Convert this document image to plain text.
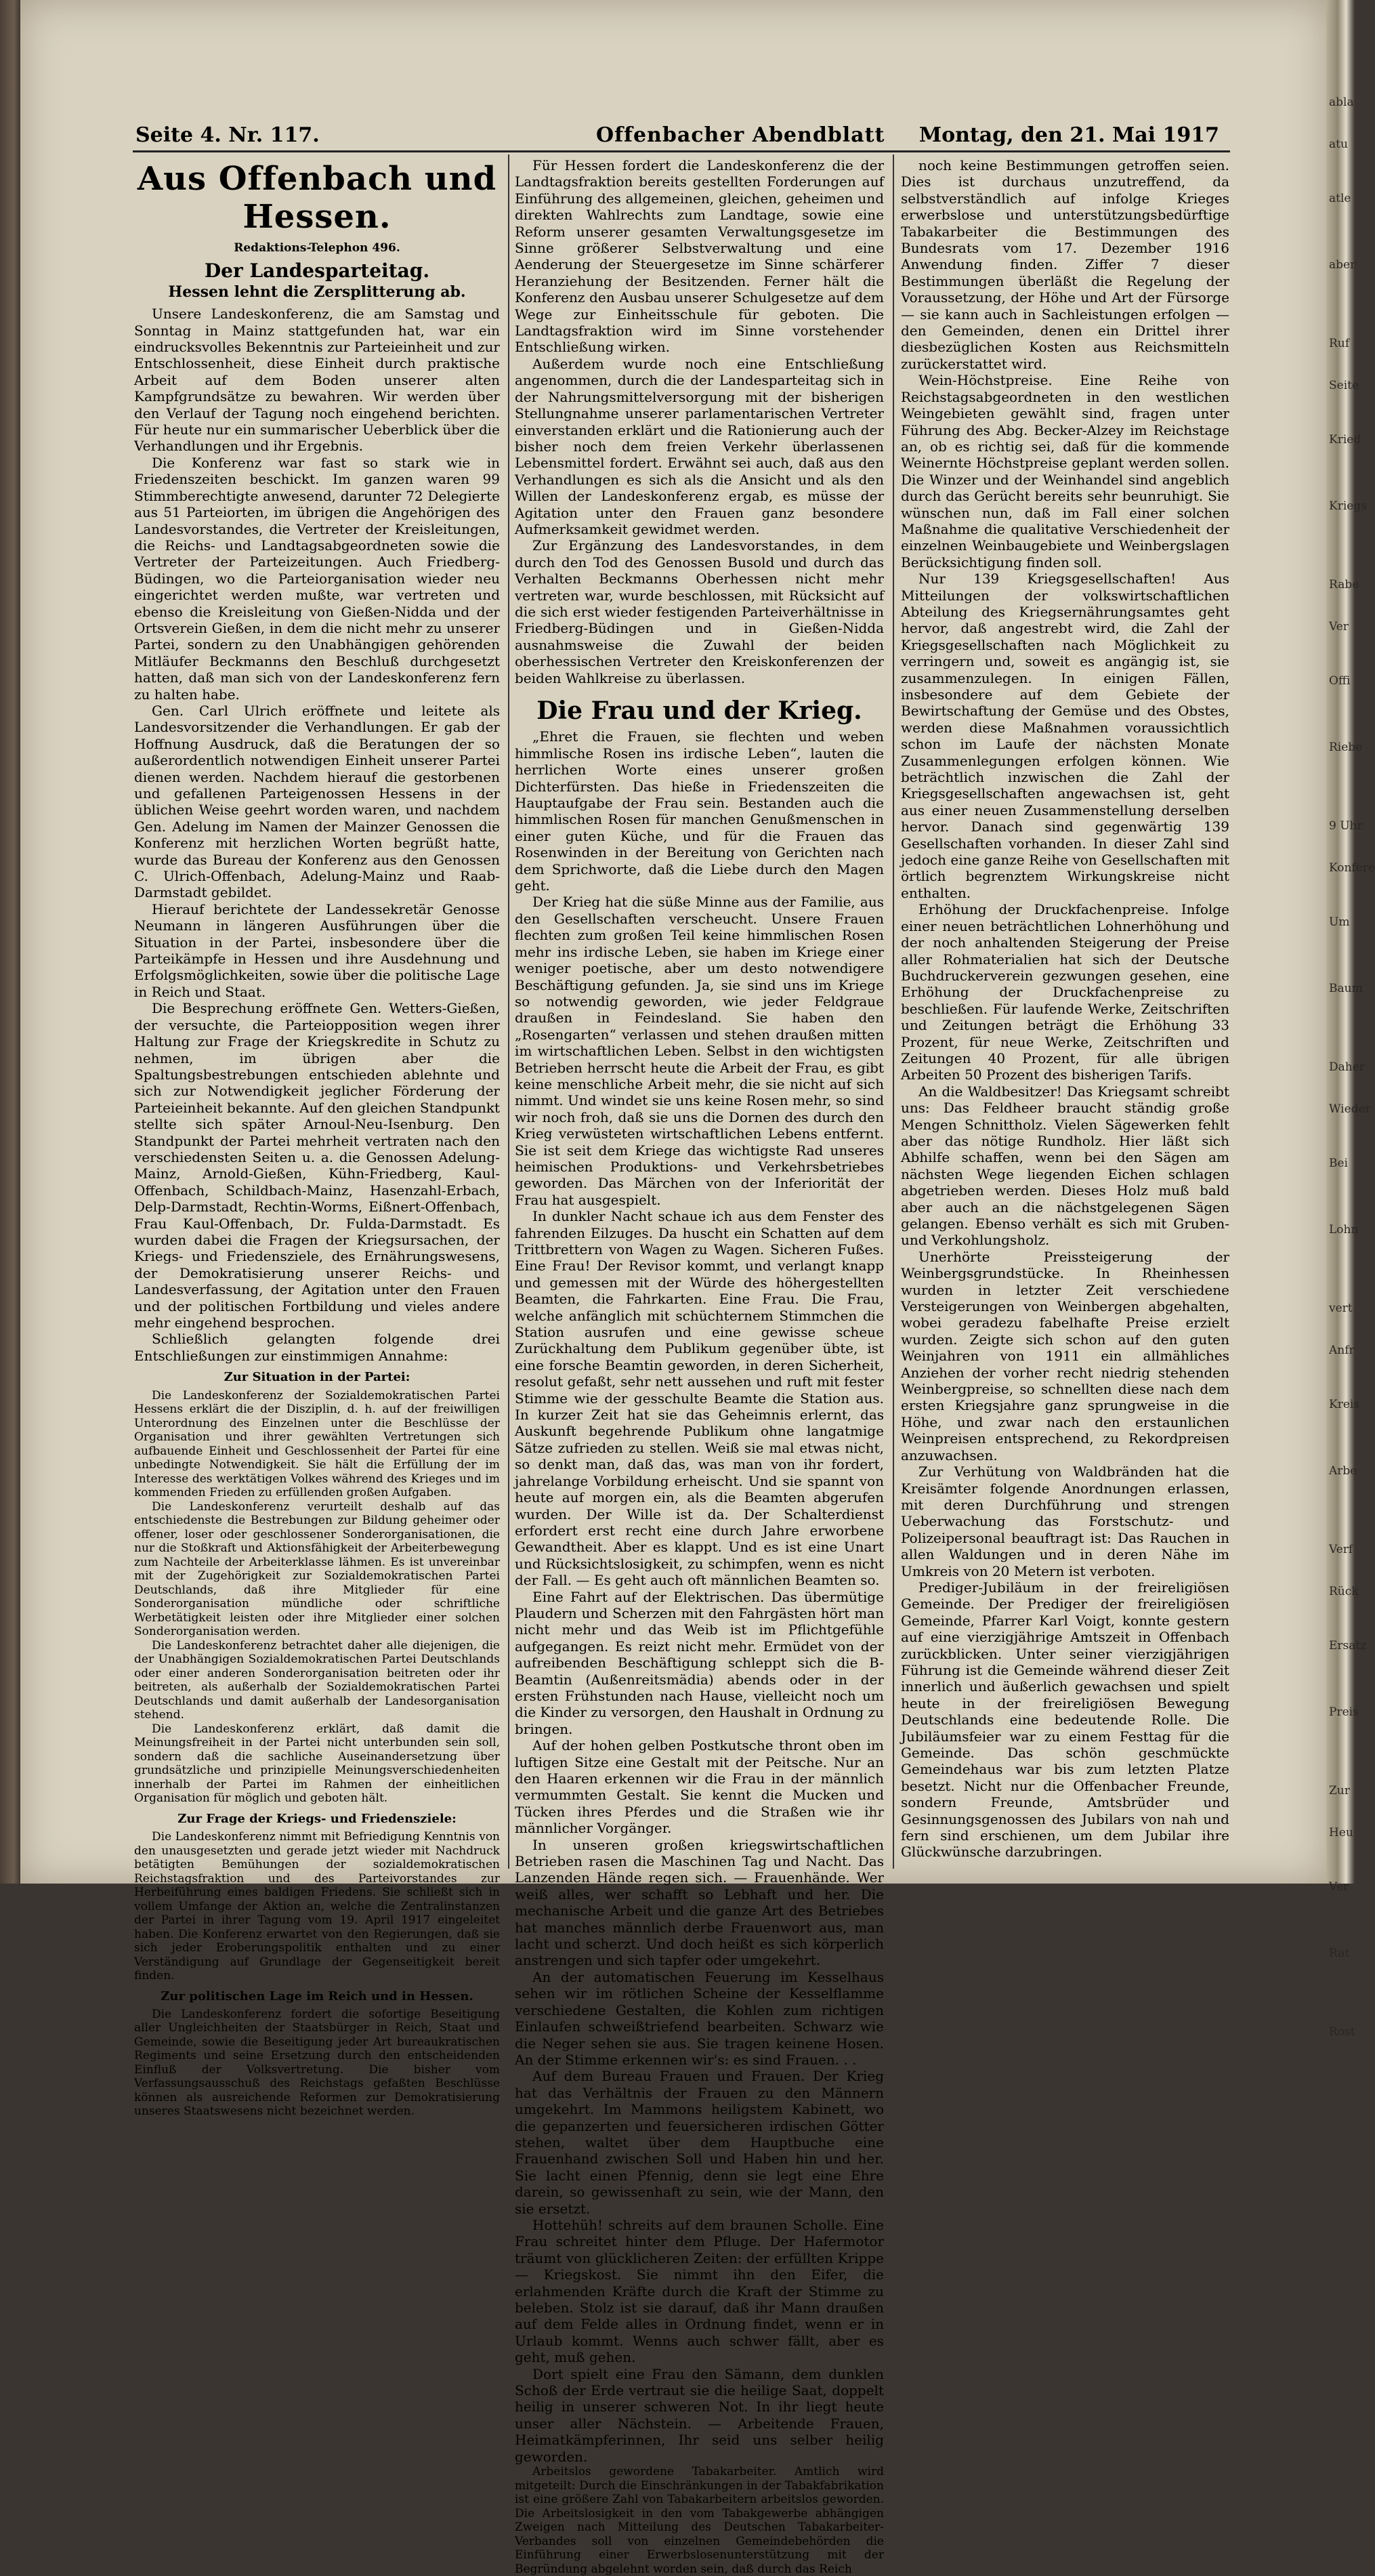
abla
atu
atle
aber
Ruf
Seite
Kried
Kriegs
Rabe
Ver
Offi
Riebe
9 Uhr
Konfere
Um
Baum
Daher
Wieder
Bei
Lohn
vert
Anfr
Kreis
Arbe
Verf
Rück
Ersatz
Preis
Zur
Heu
Ver
Rat
Rost
Seite 4. Nr. 117.	Offenbacher Abendblatt Montag, den 21. Mai 1917
Aus Offenbach und Hessen.
Redaktions-Telephon 496.
Der Landesparteitag.
Hessen lehnt die Zersplitterung ab.

Unsere Landeskonferenz, die am Samstag und Sonntag in Mainz stattgefunden hat, war ein eindrucksvolles Bekenntnis zur Parteieinheit und zur Entschlossenheit, diese Einheit durch praktische Arbeit auf dem Boden unserer alten Kampfgrundsätze zu bewahren. Wir werden über den Verlauf der Tagung noch eingehend berichten. Für heute nur ein summarischer Ueberblick über die Verhandlungen und ihr Ergebnis.

Die Konferenz war fast so stark wie in Friedenszeiten beschickt. Im ganzen waren 99 Stimmberechtigte anwesend, darunter 72 Delegierte aus 51 Parteiorten, im übrigen die Angehörigen des Landesvorstandes, die Vertreter der Kreisleitungen, die Reichs- und Landtagsabgeordneten sowie die Vertreter der Parteizeitungen. Auch Friedberg-Büdingen, wo die Parteiorganisation wieder neu eingerichtet werden mußte, war vertreten und ebenso die Kreisleitung von Gießen-Nidda und der Ortsverein Gießen, in dem die nicht mehr zu unserer Partei, sondern zu den Unabhängigen gehörenden Mitläufer Beckmanns den Beschluß durchgesetzt hatten, daß man sich von der Landeskonferenz fern zu halten habe.

Gen. Carl Ulrich eröffnete und leitete als Landesvorsitzender die Verhandlungen. Er gab der Hoffnung Ausdruck, daß die Beratungen der so außerordentlich notwendigen Einheit unserer Partei dienen werden. Nachdem hierauf die gestorbenen und gefallenen Parteigenossen Hessens in der üblichen Weise geehrt worden waren, und nachdem Gen. Adelung im Namen der Mainzer Genossen die Konferenz mit herzlichen Worten begrüßt hatte, wurde das Bureau der Konferenz aus den Genossen C. Ulrich-Offenbach, Adelung-Mainz und Raab-Darmstadt gebildet.

Hierauf berichtete der Landessekretär Genosse Neumann in längeren Ausführungen über die Situation in der Partei, insbesondere über die Parteikämpfe in Hessen und ihre Ausdehnung und Erfolgsmöglichkeiten, sowie über die politische Lage in Reich und Staat.

Die Besprechung eröffnete Gen. Wetters-Gießen, der versuchte, die Parteiopposition wegen ihrer Haltung zur Frage der Kriegskredite in Schutz zu nehmen, im übrigen aber die Spaltungsbestrebungen entschieden ablehnte und sich zur Notwendigkeit jeglicher Förderung der Parteieinheit bekannte. Auf den gleichen Standpunkt stellte sich später Arnoul-Neu-Isenburg. Den Standpunkt der Partei mehrheit vertraten nach den verschiedensten Seiten u. a. die Genossen Adelung-Mainz, Arnold-Gießen, Kühn-Friedberg, Kaul-Offenbach, Schildbach-Mainz, Hasenzahl-Erbach, Delp-Darmstadt, Rechtin-Worms, Eißnert-Offenbach, Frau Kaul-Offenbach, Dr. Fulda-Darmstadt. Es wurden dabei die Fragen der Kriegsursachen, der Kriegs- und Friedensziele, des Ernährungswesens, der Demokratisierung unserer Reichs- und Landesverfassung, der Agitation unter den Frauen und der politischen Fortbildung und vieles andere mehr eingehend besprochen.

Schließlich gelangten folgende drei Entschließungen zur einstimmigen Annahme:

Zur Situation in der Partei:

Die Landeskonferenz der Sozialdemokratischen Partei Hessens erklärt die der Disziplin, d. h. auf der freiwilligen Unterordnung des Einzelnen unter die Beschlüsse der Organisation und ihrer gewählten Vertretungen sich aufbauende Einheit und Geschlossenheit der Partei für eine unbedingte Notwendigkeit. Sie hält die Erfüllung der im Interesse des werktätigen Volkes während des Krieges und im kommenden Frieden zu erfüllenden großen Aufgaben.

Die Landeskonferenz verurteilt deshalb auf das entschiedenste die Bestrebungen zur Bildung geheimer oder offener, loser oder geschlossener Sonderorganisationen, die nur die Stoßkraft und Aktionsfähigkeit der Arbeiterbewegung zum Nachteile der Arbeiterklasse lähmen. Es ist unvereinbar mit der Zugehörigkeit zur Sozialdemokratischen Partei Deutschlands, daß ihre Mitglieder für eine Sonderorganisation mündliche oder schriftliche Werbetätigkeit leisten oder ihre Mitglieder einer solchen Sonderorganisation werden.

Die Landeskonferenz betrachtet daher alle diejenigen, die der Unabhängigen Sozialdemokratischen Partei Deutschlands oder einer anderen Sonderorganisation beitreten oder ihr beitreten, als außerhalb der Sozialdemokratischen Partei Deutschlands und damit außerhalb der Landesorganisation stehend.

Die Landeskonferenz erklärt, daß damit die Meinungsfreiheit in der Partei nicht unterbunden sein soll, sondern daß die sachliche Auseinandersetzung über grundsätzliche und prinzipielle Meinungsverschiedenheiten innerhalb der Partei im Rahmen der einheitlichen Organisation für möglich und geboten hält.

Zur Frage der Kriegs- und Friedensziele:

Die Landeskonferenz nimmt mit Befriedigung Kenntnis von den unausgesetzten und gerade jetzt wieder mit Nachdruck betätigten Bemühungen der sozialdemokratischen Reichstagsfraktion und des Parteivorstandes zur Herbeiführung eines baldigen Friedens. Sie schließt sich in vollem Umfange der Aktion an, welche die Zentralinstanzen der Partei in ihrer Tagung vom 19. April 1917 eingeleitet haben. Die Konferenz erwartet von den Regierungen, daß sie sich jeder Eroberungspolitik enthalten und zu einer Verständigung auf Grundlage der Gegenseitigkeit bereit finden.

Zur politischen Lage im Reich und in Hessen.

Die Landeskonferenz fordert die sofortige Beseitigung aller Ungleichheiten der Staatsbürger in Reich, Staat und Gemeinde, sowie die Beseitigung jeder Art bureaukratischen Regiments und seine Ersetzung durch den entscheidenden Einfluß der Volksvertretung. Die bisher vom Verfassungsausschuß des Reichstags gefaßten Beschlüsse können als ausreichende Reformen zur Demokratisierung unseres Staatswesens nicht bezeichnet werden.

Für Hessen fordert die Landeskonferenz die der Landtagsfraktion bereits gestellten Forderungen auf Einführung des allgemeinen, gleichen, geheimen und direkten Wahlrechts zum Landtage, sowie eine Reform unserer gesamten Verwaltungsgesetze im Sinne größerer Selbstverwaltung und eine Aenderung der Steuergesetze im Sinne schärferer Heranziehung der Besitzenden. Ferner hält die Konferenz den Ausbau unserer Schulgesetze auf dem Wege zur Einheitsschule für geboten. Die Landtagsfraktion wird im Sinne vorstehender Entschließung wirken.

Außerdem wurde noch eine Entschließung angenommen, durch die der Landesparteitag sich in der Nahrungsmittelversorgung mit der bisherigen Stellungnahme unserer parlamentarischen Vertreter einverstanden erklärt und die Rationierung auch der bisher noch dem freien Verkehr überlassenen Lebensmittel fordert. Erwähnt sei auch, daß aus den Verhandlungen es sich als die Ansicht und als den Willen der Landeskonferenz ergab, es müsse der Agitation unter den Frauen ganz besondere Aufmerksamkeit gewidmet werden.

Zur Ergänzung des Landesvorstandes, in dem durch den Tod des Genossen Busold und durch das Verhalten Beckmanns Oberhessen nicht mehr vertreten war, wurde beschlossen, mit Rücksicht auf die sich erst wieder festigenden Parteiverhältnisse in Friedberg-Büdingen und in Gießen-Nidda ausnahmsweise die Zuwahl der beiden oberhessischen Vertreter den Kreiskonferenzen der beiden Wahlkreise zu überlassen.

Die Frau und der Krieg.

„Ehret die Frauen, sie flechten und weben himmlische Rosen ins irdische Leben“, lauten die herrlichen Worte eines unserer großen Dichterfürsten. Das hieße in Friedenszeiten die Hauptaufgabe der Frau sein. Bestanden auch die himmlischen Rosen für manchen Genußmenschen in einer guten Küche, und für die Frauen das Rosenwinden in der Bereitung von Gerichten nach dem Sprichworte, daß die Liebe durch den Magen geht.

Der Krieg hat die süße Minne aus der Familie, aus den Gesellschaften verscheucht. Unsere Frauen flechten zum großen Teil keine himmlischen Rosen mehr ins irdische Leben, sie haben im Kriege einer weniger poetische, aber um desto notwendigere Beschäftigung gefunden. Ja, sie sind uns im Kriege so notwendig geworden, wie jeder Feldgraue draußen in Feindesland. Sie haben den „Rosengarten“ verlassen und stehen draußen mitten im wirtschaftlichen Leben. Selbst in den wichtigsten Betrieben herrscht heute die Arbeit der Frau, es gibt keine menschliche Arbeit mehr, die sie nicht auf sich nimmt. Und windet sie uns keine Rosen mehr, so sind wir noch froh, daß sie uns die Dornen des durch den Krieg verwüsteten wirtschaftlichen Lebens entfernt. Sie ist seit dem Kriege das wichtigste Rad unseres heimischen Produktions- und Verkehrsbetriebes geworden. Das Märchen von der Inferiorität der Frau hat ausgespielt.

In dunkler Nacht schaue ich aus dem Fenster des fahrenden Eilzuges. Da huscht ein Schatten auf dem Trittbrettern von Wagen zu Wagen. Sicheren Fußes. Eine Frau! Der Revisor kommt, und verlangt knapp und gemessen mit der Würde des höhergestellten Beamten, die Fahrkarten. Eine Frau. Die Frau, welche anfänglich mit schüchternem Stimmchen die Station ausrufen und eine gewisse scheue Zurückhaltung dem Publikum gegenüber übte, ist eine forsche Beamtin geworden, in deren Sicherheit, resolut gefaßt, sehr nett aussehen und ruft mit fester Stimme wie der gesschulte Beamte die Station aus. In kurzer Zeit hat sie das Geheimnis erlernt, das Auskunft begehrende Publikum ohne langatmige Sätze zufrieden zu stellen. Weiß sie mal etwas nicht, so denkt man, daß das, was man von ihr fordert, jahrelange Vorbildung erheischt. Und sie spannt von heute auf morgen ein, als die Beamten abgerufen wurden. Der Wille ist da. Der Schalterdienst erfordert erst recht eine durch Jahre erworbene Gewandtheit. Aber es klappt. Und es ist eine Unart und Rücksichtslosigkeit, zu schimpfen, wenn es nicht der Fall. — Es geht auch oft männlichen Beamten so.

Eine Fahrt auf der Elektrischen. Das übermütige Plaudern und Scherzen mit den Fahrgästen hört man nicht mehr und das Weib ist im Pflichtgefühle aufgegangen. Es reizt nicht mehr. Ermüdet von der aufreibenden Beschäftigung schleppt sich die B-Beamtin (Außenreitsmädia) abends oder in der ersten Frühstunden nach Hause, vielleicht noch um die Kinder zu versorgen, den Haushalt in Ordnung zu bringen.

Auf der hohen gelben Postkutsche thront oben im luftigen Sitze eine Gestalt mit der Peitsche. Nur an den Haaren erkennen wir die Frau in der männlich vermummten Gestalt. Sie kennt die Mucken und Tücken ihres Pferdes und die Straßen wie ihr männlicher Vorgänger.

In unseren großen kriegswirtschaftlichen Betrieben rasen die Maschinen Tag und Nacht. Das Lanzenden Hände regen sich. — Frauenhände. Wer weiß alles, wer schafft so Lebhaft und her. Die mechanische Arbeit und die ganze Art des Betriebes hat manches männlich derbe Frauenwort aus, man lacht und scherzt. Und doch heißt es sich körperlich anstrengen und sich tapfer oder umgekehrt.

An der automatischen Feuerung im Kesselhaus sehen wir im rötlichen Scheine der Kesselflamme verschiedene Gestalten, die Kohlen zum richtigen Einlaufen schweißtriefend bearbeiten. Schwarz wie die Neger sehen sie aus. Sie tragen keinene Hosen. An der Stimme erkennen wir's: es sind Frauen. . .

Auf dem Bureau Frauen und Frauen. Der Krieg hat das Verhältnis der Frauen zu den Männern umgekehrt. Im Mammons heiligstem Kabinett, wo die gepanzerten und feuersicheren irdischen Götter stehen, waltet über dem Hauptbuche eine Frauenhand zwischen Soll und Haben hin und her. Sie lacht einen Pfennig, denn sie legt eine Ehre darein, so gewissenhaft zu sein, wie der Mann, den sie ersetzt.

Hottehüh! schreits auf dem braunen Scholle. Eine Frau schreitet hinter dem Pfluge. Der Hafermotor träumt von glücklicheren Zeiten: der erfüllten Krippe — Kriegskost. Sie nimmt ihn den Eifer, die erlahmenden Kräfte durch die Kraft der Stimme zu beleben. Stolz ist sie darauf, daß ihr Mann draußen auf dem Felde alles in Ordnung findet, wenn er in Urlaub kommt. Wenns auch schwer fällt, aber es geht, muß gehen.

Dort spielt eine Frau den Sämann, dem dunklen Schoß der Erde vertraut sie die heilige Saat, doppelt heilig in unserer schweren Not. In ihr liegt heute unser aller Nächstein. — Arbeitende Frauen, Heimatkämpferinnen, Ihr seid uns selber heilig geworden.

Arbeitslos gewordene Tabakarbeiter. Amtlich wird mitgeteilt: Durch die Einschränkungen in der Tabakfabrikation ist eine größere Zahl von Tabakarbeitern arbeitslos geworden. Die Arbeitslosigkeit in den vom Tabakgewerbe abhängigen Zweigen nach Mitteilung des Deutschen Tabakarbeiter-Verbandes soll von einzelnen Gemeindebehörden die Einführung einer Erwerbslosenunterstützung mit der Begründung abgelehnt worden sein, daß durch das Reich

noch keine Bestimmungen getroffen seien. Dies ist durchaus unzutreffend, da selbstverständlich auf infolge Krieges erwerbslose und unterstützungsbedürftige Tabakarbeiter die Bestimmungen des Bundesrats vom 17. Dezember 1916 Anwendung finden. Ziffer 7 dieser Bestimmungen überläßt die Regelung der Voraussetzung, der Höhe und Art der Fürsorge — sie kann auch in Sachleistungen erfolgen — den Gemeinden, denen ein Drittel ihrer diesbezüglichen Kosten aus Reichsmitteln zurückerstattet wird.

Wein-Höchstpreise. Eine Reihe von Reichstagsabgeordneten in den westlichen Weingebieten gewählt sind, fragen unter Führung des Abg. Becker-Alzey im Reichstage an, ob es richtig sei, daß für die kommende Weinernte Höchstpreise geplant werden sollen. Die Winzer und der Weinhandel sind angeblich durch das Gerücht bereits sehr beunruhigt. Sie wünschen nun, daß im Fall einer solchen Maßnahme die qualitative Verschiedenheit der einzelnen Weinbaugebiete und Weinbergslagen Berücksichtigung finden soll.

Nur 139 Kriegsgesellschaften! Aus Mitteilungen der volkswirtschaftlichen Abteilung des Kriegsernährungsamtes geht hervor, daß angestrebt wird, die Zahl der Kriegsgesellschaften nach Möglichkeit zu verringern und, soweit es angängig ist, sie zusammenzulegen. In einigen Fällen, insbesondere auf dem Gebiete der Bewirtschaftung der Gemüse und des Obstes, werden diese Maßnahmen voraussichtlich schon im Laufe der nächsten Monate Zusammenlegungen erfolgen können. Wie beträchtlich inzwischen die Zahl der Kriegsgesellschaften angewachsen ist, geht aus einer neuen Zusammenstellung derselben hervor. Danach sind gegenwärtig 139 Gesellschaften vorhanden. In dieser Zahl sind jedoch eine ganze Reihe von Gesellschaften mit örtlich begrenztem Wirkungskreise nicht enthalten.

Erhöhung der Druckfachenpreise. Infolge einer neuen beträchtlichen Lohnerhöhung und der noch anhaltenden Steigerung der Preise aller Rohmaterialien hat sich der Deutsche Buchdruckerverein gezwungen gesehen, eine Erhöhung der Druckfachenpreise zu beschließen. Für laufende Werke, Zeitschriften und Zeitungen beträgt die Erhöhung 33 Prozent, für neue Werke, Zeitschriften und Zeitungen 40 Prozent, für alle übrigen Arbeiten 50 Prozent des bisherigen Tarifs.

An die Waldbesitzer! Das Kriegsamt schreibt uns: Das Feldheer braucht ständig große Mengen Schnittholz. Vielen Sägewerken fehlt aber das nötige Rundholz. Hier läßt sich Abhilfe schaffen, wenn bei den Sägen am nächsten Wege liegenden Eichen schlagen abgetrieben werden. Dieses Holz muß bald aber auch an die nächstgelegenen Sägen gelangen. Ebenso verhält es sich mit Gruben- und Verkohlungsholz.

Unerhörte Preissteigerung der Weinbergsgrundstücke. In Rheinhessen wurden in letzter Zeit verschiedene Versteigerungen von Weinbergen abgehalten, wobei geradezu fabelhafte Preise erzielt wurden. Zeigte sich schon auf den guten Weinjahren von 1911 ein allmähliches Anziehen der vorher recht niedrig stehenden Weinbergpreise, so schnellten diese nach dem ersten Kriegsjahre ganz sprungweise in die Höhe, und zwar nach den erstaunlichen Weinpreisen entsprechend, zu Rekordpreisen anzuwachsen.

Zur Verhütung von Waldbränden hat die Kreisämter folgende Anordnungen erlassen, mit deren Durchführung und strengen Ueberwachung das Forstschutz- und Polizeipersonal beauftragt ist: Das Rauchen in allen Waldungen und in deren Nähe im Umkreis von 20 Metern ist verboten.

Prediger-Jubiläum in der freireligiösen Gemeinde. Der Prediger der freireligiösen Gemeinde, Pfarrer Karl Voigt, konnte gestern auf eine vierzigjährige Amtszeit in Offenbach zurückblicken. Unter seiner vierzigjährigen Führung ist die Gemeinde während dieser Zeit innerlich und äußerlich gewachsen und spielt heute in der freireligiösen Bewegung Deutschlands eine bedeutende Rolle. Die Jubiläumsfeier war zu einem Festtag für die Gemeinde. Das schön geschmückte Gemeindehaus war bis zum letzten Platze besetzt. Nicht nur die Offenbacher Freunde, sondern Freunde, Amtsbrüder und Gesinnungsgenossen des Jubilars von nah und fern sind erschienen, um dem Jubilar ihre Glückwünsche darzubringen.
